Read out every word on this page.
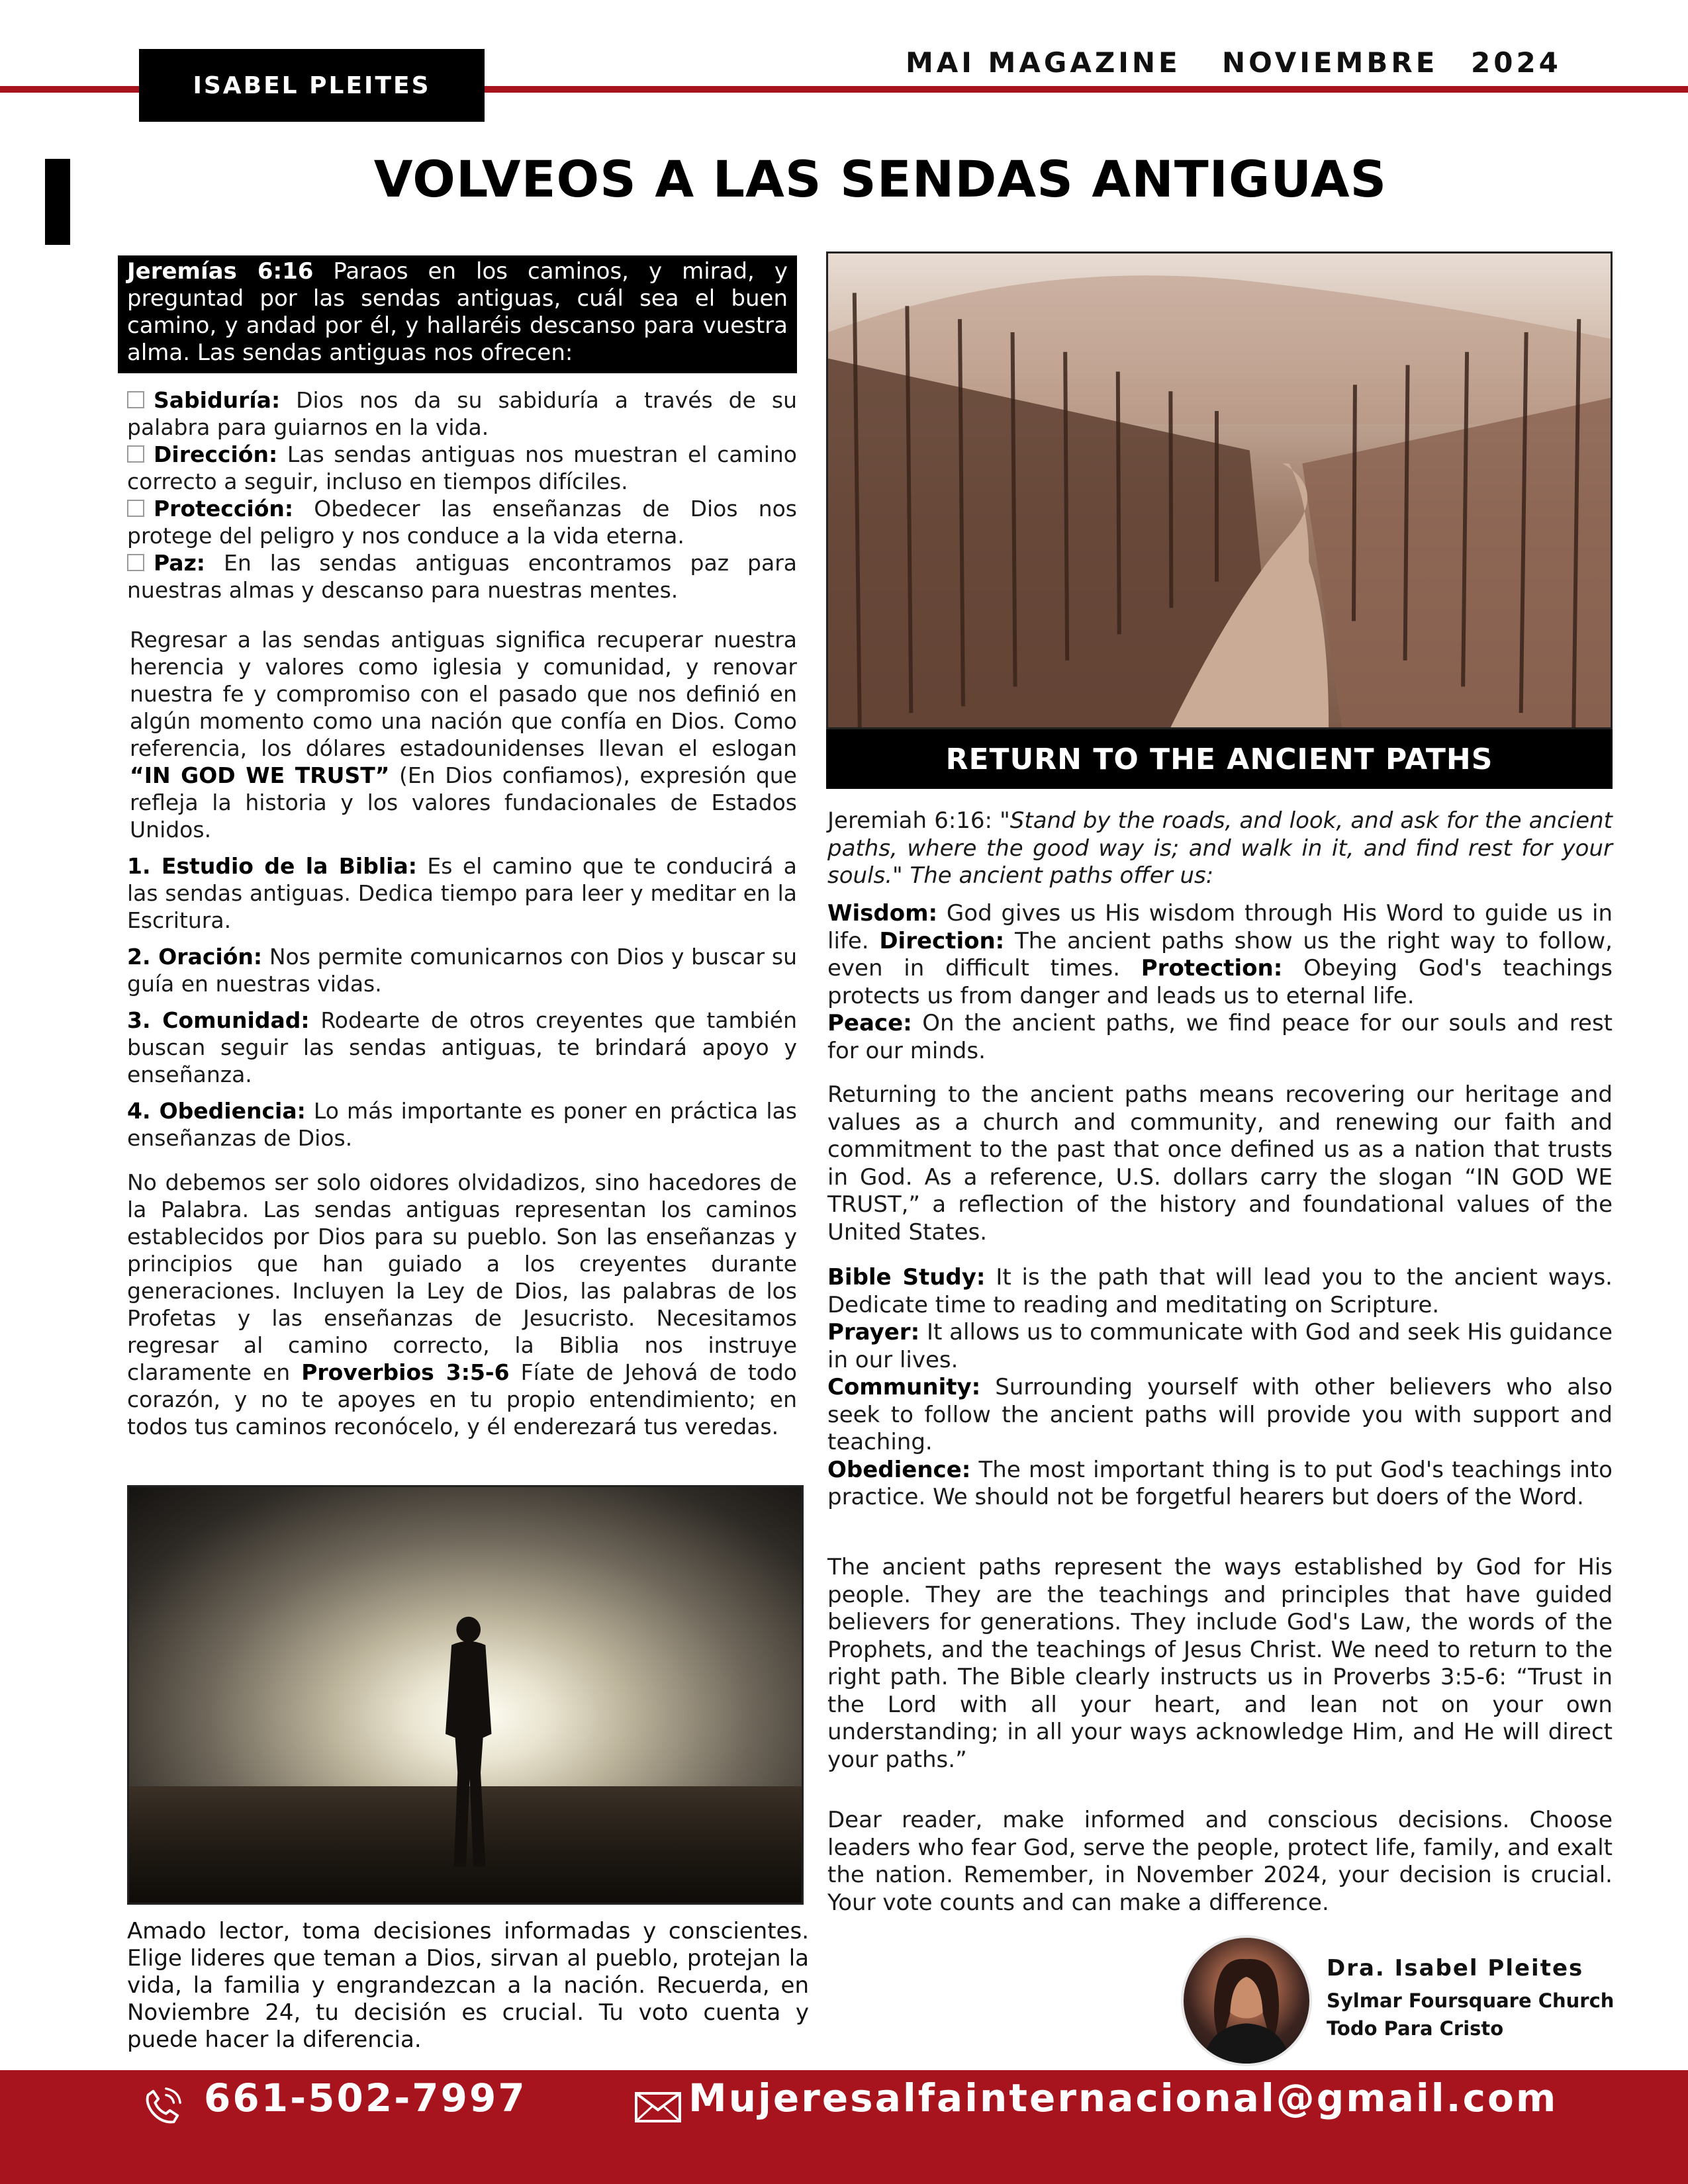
ISABEL PLEITES
MAI MAGAZINE NOVIEMBRE 2024
VOLVEOS A LAS SENDAS ANTIGUAS
Jeremías 6:16 Paraos en los caminos, y mirad, y preguntad por las sendas antiguas, cuál sea el buen camino, y andad por él, y hallaréis descanso para vuestra alma. Las sendas antiguas nos ofrecen:

Sabiduría: Dios nos da su sabiduría a través de su palabra para guiarnos en la vida.

Dirección: Las sendas antiguas nos muestran el camino correcto a seguir, incluso en tiempos difíciles.

Protección: Obedecer las enseñanzas de Dios nos protege del peligro y nos conduce a la vida eterna.

Paz: En las sendas antiguas encontramos paz para nuestras almas y descanso para nuestras mentes.

Regresar a las sendas antiguas significa recuperar nuestra herencia y valores como iglesia y comunidad, y renovar nuestra fe y compromiso con el pasado que nos definió en algún momento como una nación que confía en Dios. Como referencia, los dólares estadounidenses llevan el eslogan “IN GOD WE TRUST” (En Dios confiamos), expresión que refleja la historia y los valores fundacionales de Estados Unidos.

1. Estudio de la Biblia: Es el camino que te conducirá a las sendas antiguas. Dedica tiempo para leer y meditar en la Escritura.

2. Oración: Nos permite comunicarnos con Dios y buscar su guía en nuestras vidas.

3. Comunidad: Rodearte de otros creyentes que también buscan seguir las sendas antiguas, te brindará apoyo y enseñanza.

4. Obediencia: Lo más importante es poner en práctica las enseñanzas de Dios.

No debemos ser solo oidores olvidadizos, sino hacedores de la Palabra. Las sendas antiguas representan los caminos establecidos por Dios para su pueblo. Son las enseñanzas y principios que han guiado a los creyentes durante generaciones. Incluyen la Ley de Dios, las palabras de los Profetas y las enseñanzas de Jesucristo. Necesitamos regresar al camino correcto, la Biblia nos instruye claramente en Proverbios 3:5-6 Fíate de Jehová de todo corazón, y no te apoyes en tu propio entendimiento; en todos tus caminos reconócelo, y él enderezará tus veredas.
Amado lector, toma decisiones informadas y conscientes. Elige lideres que teman a Dios, sirvan al pueblo, protejan la vida, la familia y engrandezcan a la nación. Recuerda, en Noviembre 24, tu decisión es crucial. Tu voto cuenta y puede hacer la diferencia.
RETURN TO THE ANCIENT PATHS

Jeremiah 6:16: "Stand by the roads, and look, and ask for the ancient paths, where the good way is; and walk in it, and find rest for your souls." The ancient paths offer us:

Wisdom: God gives us His wisdom through His Word to guide us in life. Direction: The ancient paths show us the right way to follow, even in difficult times. Protection: Obeying God's teachings protects us from danger and leads us to eternal life.

Peace: On the ancient paths, we find peace for our souls and rest for our minds.

Returning to the ancient paths means recovering our heritage and values as a church and community, and renewing our faith and commitment to the past that once defined us as a nation that trusts in God. As a reference, U.S. dollars carry the slogan “IN GOD WE TRUST,” a reflection of the history and foundational values of the United States.

Bible Study: It is the path that will lead you to the ancient ways. Dedicate time to reading and meditating on Scripture.

Prayer: It allows us to communicate with God and seek His guidance in our lives.

Community: Surrounding yourself with other believers who also seek to follow the ancient paths will provide you with support and teaching.

Obedience: The most important thing is to put God's teachings into practice. We should not be forgetful hearers but doers of the Word.

The ancient paths represent the ways established by God for His people. They are the teachings and principles that have guided believers for generations. They include God's Law, the words of the Prophets, and the teachings of Jesus Christ. We need to return to the right path. The Bible clearly instructs us in Proverbs 3:5-6: “Trust in the Lord with all your heart, and lean not on your own understanding; in all your ways acknowledge Him, and He will direct your paths.”
Dear reader, make informed and conscious decisions. Choose leaders who fear God, serve the people, protect life, family, and exalt the nation. Remember, in November 2024, your decision is crucial. Your vote counts and can make a difference.
Dra. Isabel Pleites
Sylmar Foursquare Church
Todo Para Cristo
661-502-7997	Mujeresalfainternacional@gmail.com
